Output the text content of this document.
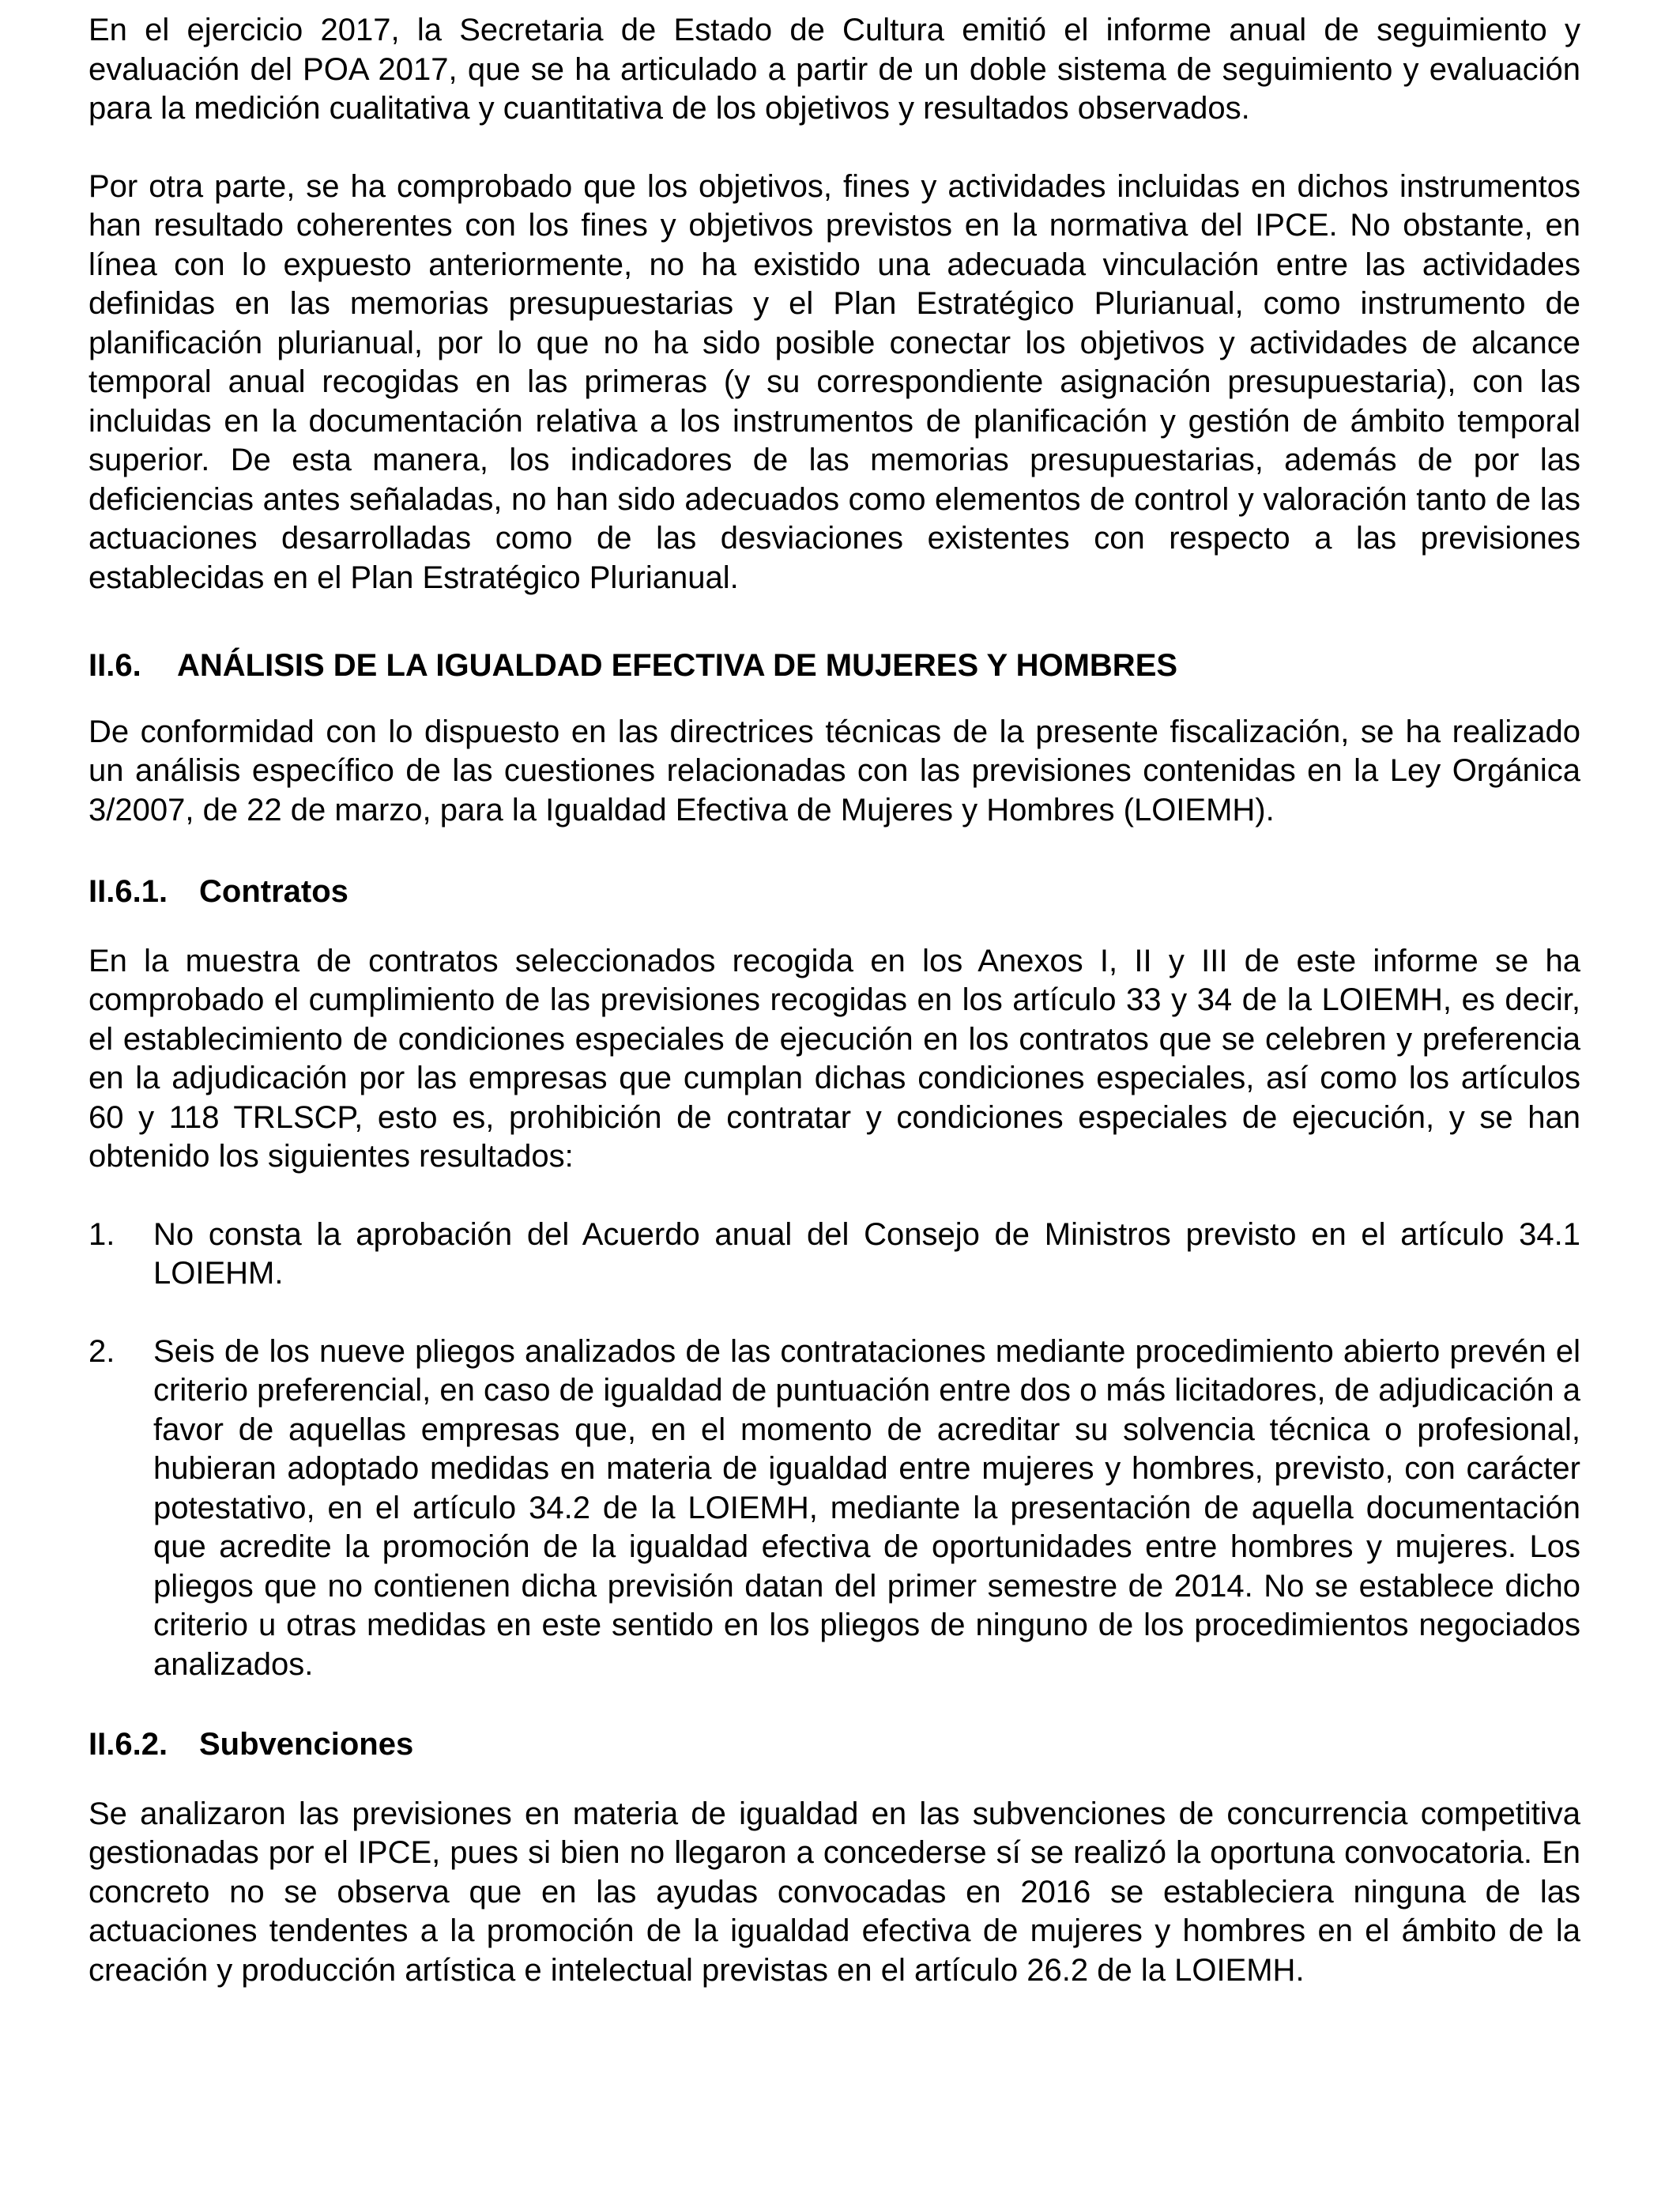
En el ejercicio 2017, la Secretaria de Estado de Cultura emitió el informe anual de seguimiento y evaluación del POA 2017, que se ha articulado a partir de un doble sistema de seguimiento y evaluación para la medición cualitativa y cuantitativa de los objetivos y resultados observados.

Por otra parte, se ha comprobado que los objetivos, fines y actividades incluidas en dichos instrumentos han resultado coherentes con los fines y objetivos previstos en la normativa del IPCE. No obstante, en línea con lo expuesto anteriormente, no ha existido una adecuada vinculación entre las actividades definidas en las memorias presupuestarias y el Plan Estratégico Plurianual, como instrumento de planificación plurianual, por lo que no ha sido posible conectar los objetivos y actividades de alcance temporal anual recogidas en las primeras (y su correspondiente asignación presupuestaria), con las incluidas en la documentación relativa a los instrumentos de planificación y gestión de ámbito temporal superior. De esta manera, los indicadores de las memorias presupuestarias, además de por las deficiencias antes señaladas, no han sido adecuados como elementos de control y valoración tanto de las actuaciones desarrolladas como de las desviaciones existentes con respecto a las previsiones establecidas en el Plan Estratégico Plurianual.

II.6.	ANÁLISIS DE LA IGUALDAD EFECTIVA DE MUJERES Y HOMBRES

De conformidad con lo dispuesto en las directrices técnicas de la presente fiscalización, se ha realizado un análisis específico de las cuestiones relacionadas con las previsiones contenidas en la Ley Orgánica 3/2007, de 22 de marzo, para la Igualdad Efectiva de Mujeres y Hombres (LOIEMH).

II.6.1. Contratos

En la muestra de contratos seleccionados recogida en los Anexos I, II y III de este informe se ha comprobado el cumplimiento de las previsiones recogidas en los artículo 33 y 34 de la LOIEMH, es decir, el establecimiento de condiciones especiales de ejecución en los contratos que se celebren y preferencia en la adjudicación por las empresas que cumplan dichas condiciones especiales, así como los artículos 60 y 118 TRLSCP, esto es, prohibición de contratar y condiciones especiales de ejecución, y se han obtenido los siguientes resultados:

1.	No consta la aprobación del Acuerdo anual del Consejo de Ministros previsto en el artículo 34.1 LOIEHM.

2.	Seis de los nueve pliegos analizados de las contrataciones mediante procedimiento abierto prevén el criterio preferencial, en caso de igualdad de puntuación entre dos o más licitadores, de adjudicación a favor de aquellas empresas que, en el momento de acreditar su solvencia técnica o profesional, hubieran adoptado medidas en materia de igualdad entre mujeres y hombres, previsto, con carácter potestativo, en el artículo 34.2 de la LOIEMH, mediante la presentación de aquella documentación que acredite la promoción de la igualdad efectiva de oportunidades entre hombres y mujeres. Los pliegos que no contienen dicha previsión datan del primer semestre de 2014. No se establece dicho criterio u otras medidas en este sentido en los pliegos de ninguno de los procedimientos negociados analizados.

II.6.2. Subvenciones

Se analizaron las previsiones en materia de igualdad en las subvenciones de concurrencia competitiva gestionadas por el IPCE, pues si bien no llegaron a concederse sí se realizó la oportuna convocatoria. En concreto no se observa que en las ayudas convocadas en 2016 se estableciera ninguna de las actuaciones tendentes a la promoción de la igualdad efectiva de mujeres y hombres en el ámbito de la creación y producción artística e intelectual previstas en el artículo 26.2 de la LOIEMH.
